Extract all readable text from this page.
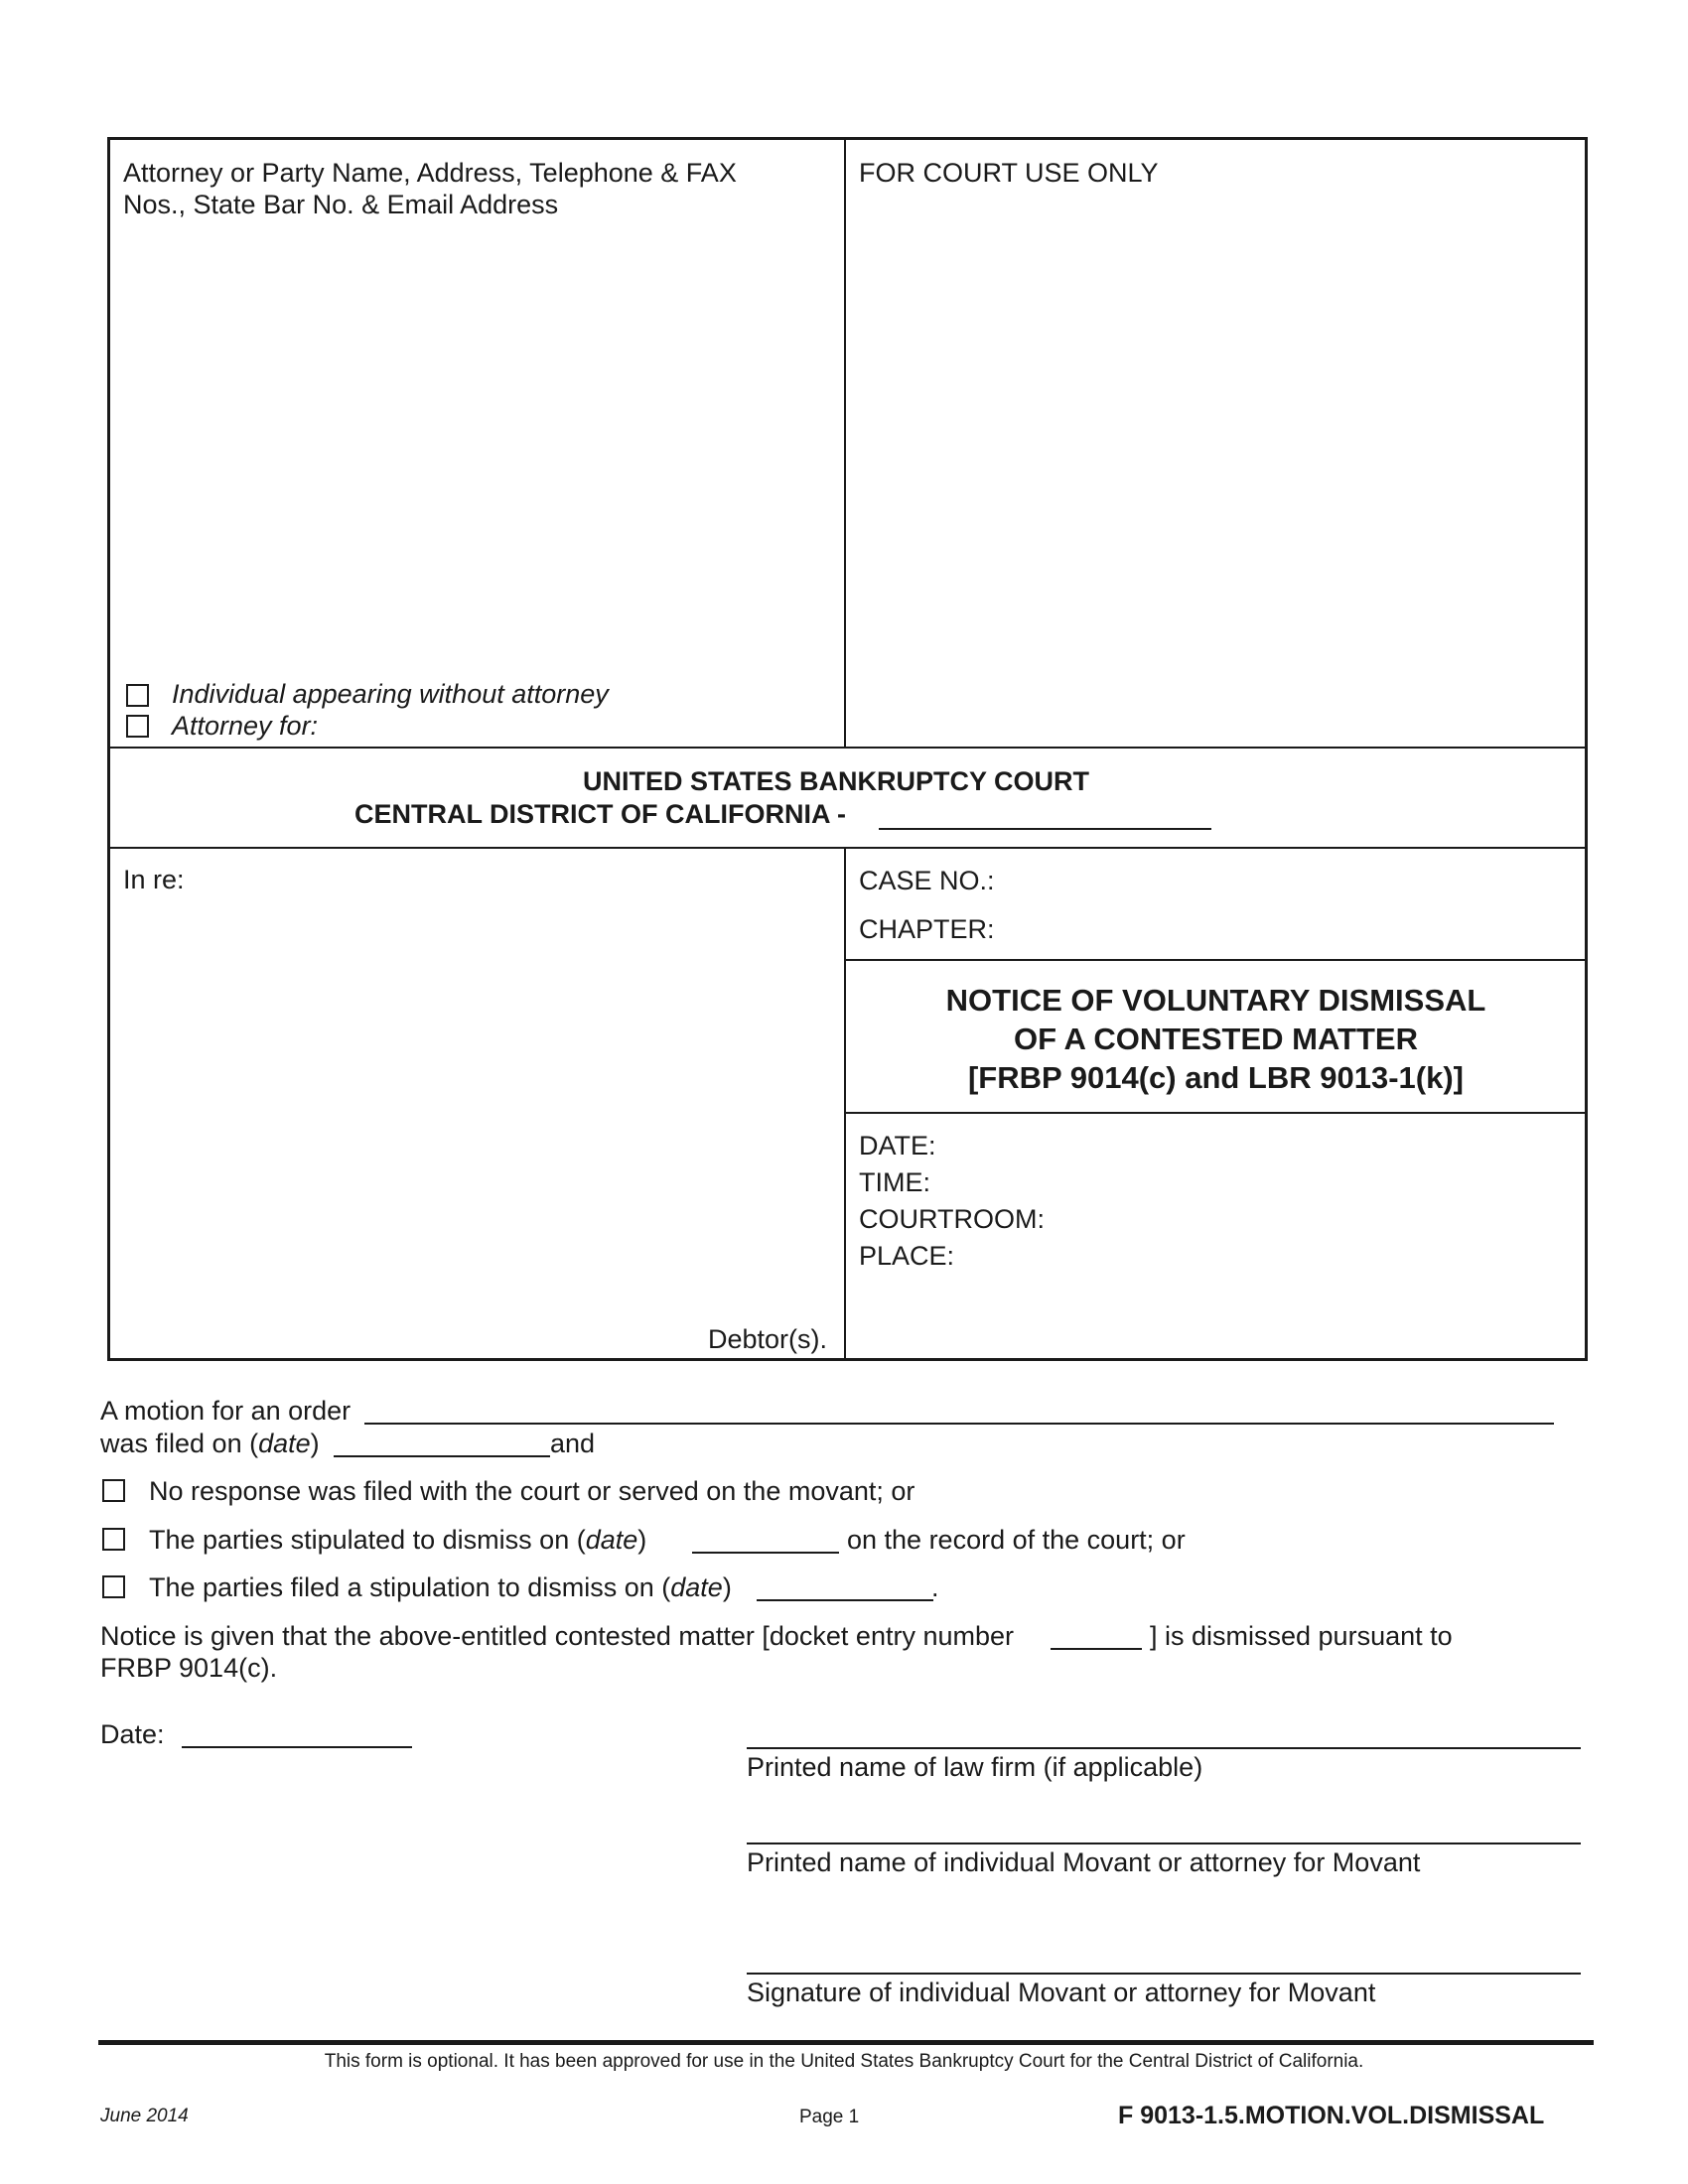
Attorney or Party Name, Address, Telephone & FAX
Nos., State Bar No. & Email Address
Individual appearing without attorney
Attorney for:
FOR COURT USE ONLY
UNITED STATES BANKRUPTCY COURT
CENTRAL DISTRICT OF CALIFORNIA -
In re:
Debtor(s).
CASE NO.:
CHAPTER:
NOTICE OF VOLUNTARY DISMISSAL
OF A CONTESTED MATTER
[FRBP 9014(c) and LBR 9013-1(k)]
DATE:
TIME:
COURTROOM:
PLACE:
A motion for an order
was filed on (date)	and
No response was filed with the court or served on the movant; or
The parties stipulated to dismiss on (date)	on the record of the court; or
The parties filed a stipulation to dismiss on (date)	.
Notice is given that the above-entitled contested matter [docket entry number	] is dismissed pursuant to
FRBP 9014(c).
Date:
Printed name of law firm (if applicable)
Printed name of individual Movant or attorney for Movant
Signature of individual Movant or attorney for Movant
This form is optional. It has been approved for use in the United States Bankruptcy Court for the Central District of California.
June 2014	Page 1	F 9013-1.5.MOTION.VOL.DISMISSAL
